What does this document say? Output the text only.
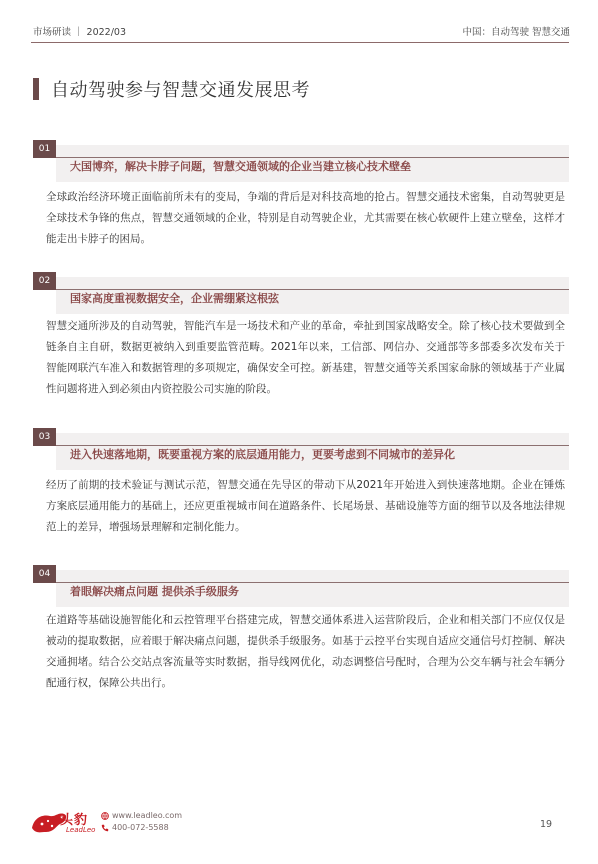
市场研读 ｜ 2022/03	中国：自动驾驶 智慧交通
自动驾驶参与智慧交通发展思考
01
大国博弈，解决卡脖子问题，智慧交通领域的企业当建立核心技术壁垒
全球政治经济环境正面临前所未有的变局，争端的背后是对科技高地的抢占。智慧交通技术密集，自动驾驶更是全球技术争锋的焦点，智慧交通领域的企业，特别是自动驾驶企业，尤其需要在核心软硬件上建立壁垒，这样才能走出卡脖子的困局。
02
国家高度重视数据安全，企业需绷紧这根弦
智慧交通所涉及的自动驾驶，智能汽车是一场技术和产业的革命，牵扯到国家战略安全。除了核心技术要做到全链条自主自研，数据更被纳入到重要监管范畴。2021年以来，工信部、网信办、交通部等多部委多次发布关于智能网联汽车准入和数据管理的多项规定，确保安全可控。新基建，智慧交通等关系国家命脉的领域基于产业属性问题将进入到必须由内资控股公司实施的阶段。
03
进入快速落地期，既要重视方案的底层通用能力，更要考虑到不同城市的差异化
经历了前期的技术验证与测试示范，智慧交通在先导区的带动下从2021年开始进入到快速落地期。企业在锤炼方案底层通用能力的基础上，还应更重视城市间在道路条件、长尾场景、基础设施等方面的细节以及各地法律规范上的差异，增强场景理解和定制化能力。
04
着眼解决痛点问题 提供杀手级服务
在道路等基础设施智能化和云控管理平台搭建完成，智慧交通体系进入运营阶段后，企业和相关部门不应仅仅是被动的提取数据，应着眼于解决痛点问题，提供杀手级服务。如基于云控平台实现自适应交通信号灯控制、解决交通拥堵。结合公交站点客流量等实时数据，指导线网优化，动态调整信号配时，合理为公交车辆与社会车辆分配通行权，保障公共出行。
头豹
LeadLeo
www.leadleo.com
400-072-5588	19
